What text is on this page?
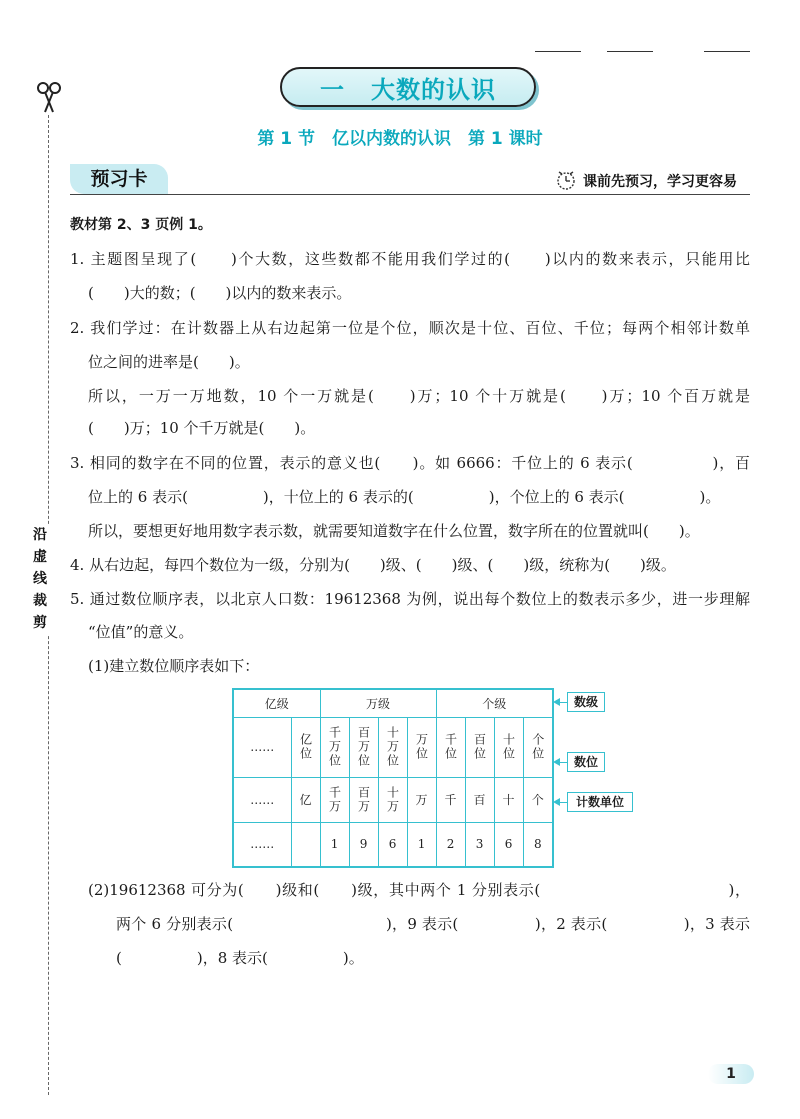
沿
虚
线
裁
剪
一 大数的认识
第 1 节　亿以内数的认识　第 1 课时
预习卡	课前先预习，学习更容易
教材第 2、3 页例 1。
1. 主题图呈现了(　　)个大数，这些数都不能用我们学过的(　　)以内的数来表示，只能用比
(　　)大的数；(　　)以内的数来表示。
2. 我们学过：在计数器上从右边起第一位是个位，顺次是十位、百位、千位；每两个相邻计数单
位之间的进率是(　　)。
所以，一万一万地数，10 个一万就是(　　)万；10 个十万就是(　　)万；10 个百万就是
(　　)万；10 个千万就是(　　)。
3. 相同的数字在不同的位置，表示的意义也(　　)。如 6666：千位上的 6 表示(　　　　　)，百
位上的 6 表示(　　　　　)，十位上的 6 表示的(　　　　　)，个位上的 6 表示(　　　　　)。
所以，要想更好地用数字表示数，就需要知道数字在什么位置，数字所在的位置就叫(　　)。
4. 从右边起，每四个数位为一级，分别为(　　)级、(　　)级、(　　)级，统称为(　　)级。
5. 通过数位顺序表，以北京人口数：19612368 为例，说出每个数位上的数表示多少，进一步理解
“位值”的意义。
(1)建立数位顺序表如下：
亿级		万级				个级			
……	亿位	千万位	百万位	十万位	万位	千位	百位	十位	个位
……	亿	千万	百万	十万	万	千	百	十	个
……		1	9	6	1	2	3	6	8
数级
数位
计数单位
(2)19612368 可分为(　　)级和(　　)级，其中两个 1 分别表示(　　　　　　　　　　　　)，
两个 6 分别表示(　　　　　　　　　　)，9 表示(　　　　　)，2 表示(　　　　　)，3 表示
(　　　　　)，8 表示(　　　　　)。
1
